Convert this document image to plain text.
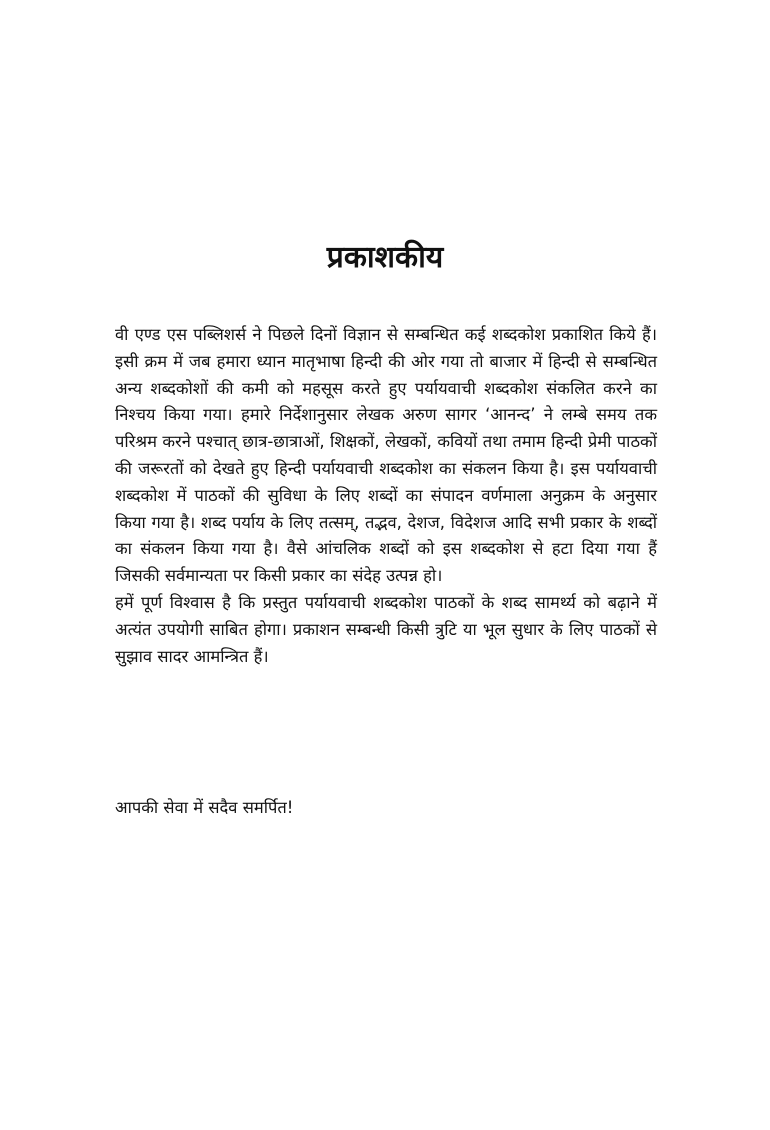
प्रकाशकीय

वी एण्ड एस पब्लिशर्स ने पिछले दिनों विज्ञान से सम्बन्धित कई शब्दकोश प्रकाशित किये हैं। इसी क्रम में जब हमारा ध्यान मातृभाषा हिन्दी की ओर गया तो बाजार में हिन्दी से सम्बन्धित अन्य शब्दकोशों की कमी को महसूस करते हुए पर्यायवाची शब्दकोश संकलित करने का निश्चय किया गया। हमारे निर्देशानुसार लेखक अरुण सागर ‘आनन्द’ ने लम्बे समय तक परिश्रम करने पश्चात् छात्र-छात्राओं, शिक्षकों, लेखकों, कवियों तथा तमाम हिन्दी प्रेमी पाठकों की जरूरतों को देखते हुए हिन्दी पर्यायवाची शब्दकोश का संकलन किया है। इस पर्यायवाची शब्दकोश में पाठकों की सुविधा के लिए शब्दों का संपादन वर्णमाला अनुक्रम के अनुसार किया गया है। शब्द पर्याय के लिए तत्सम्, तद्भव, देशज, विदेशज आदि सभी प्रकार के शब्दों का संकलन किया गया है। वैसे आंचलिक शब्दों को इस शब्दकोश से हटा दिया गया हैं जिसकी सर्वमान्यता पर किसी प्रकार का संदेह उत्पन्न हो।

हमें पूर्ण विश्वास है कि प्रस्तुत पर्यायवाची शब्दकोश पाठकों के शब्द सामर्थ्य को बढ़ाने में अत्यंत उपयोगी साबित होगा। प्रकाशन सम्बन्धी किसी त्रुटि या भूल सुधार के लिए पाठकों से सुझाव सादर आमन्त्रित हैं।

आपकी सेवा में सदैव समर्पित!
